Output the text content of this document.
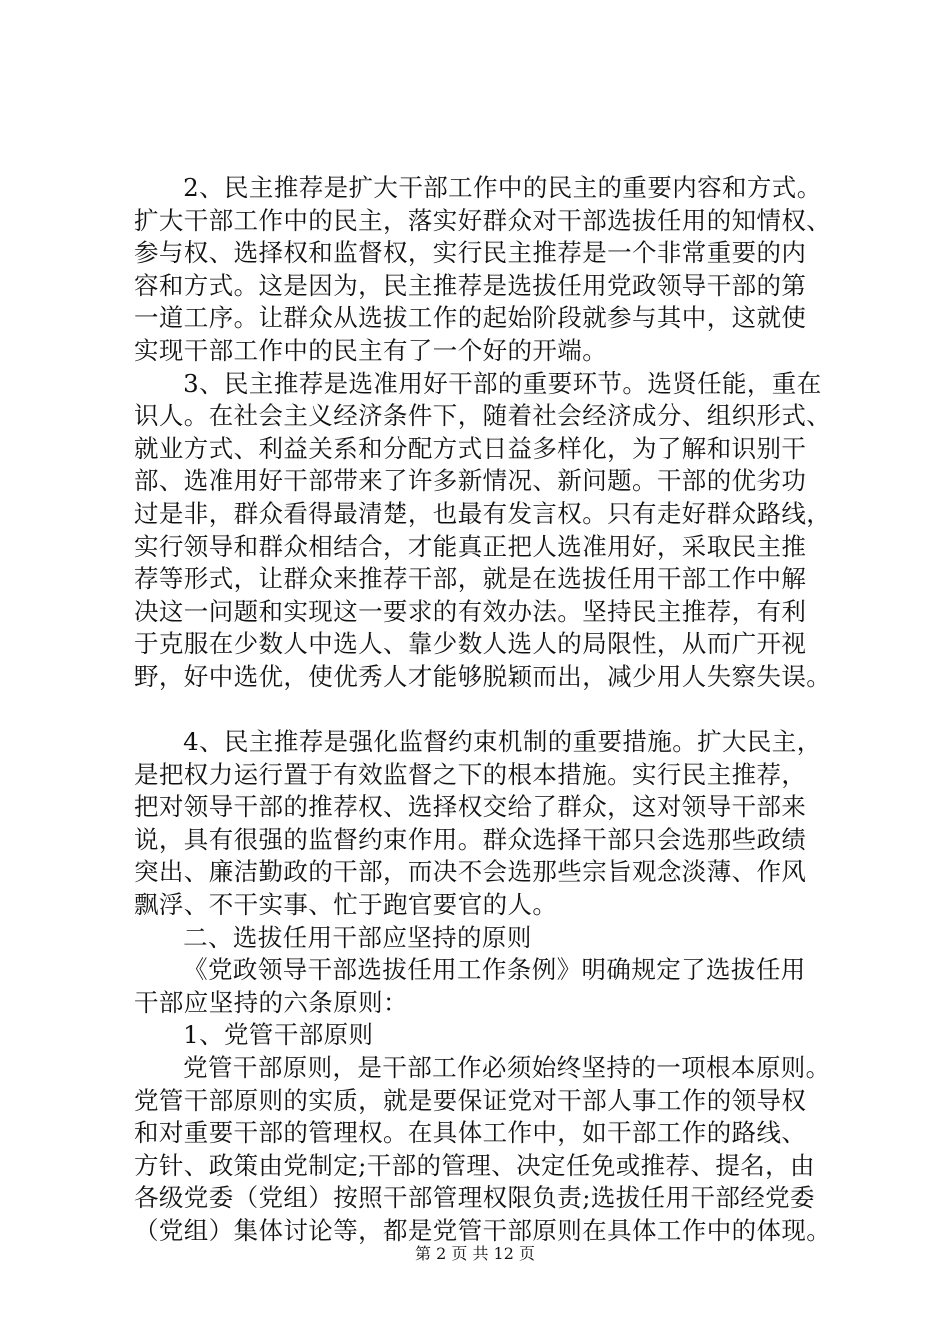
2、民主推荐是扩大干部工作中的民主的重要内容和方式。
扩大干部工作中的民主，落实好群众对干部选拔任用的知情权、
参与权、选择权和监督权，实行民主推荐是一个非常重要的内
容和方式。这是因为，民主推荐是选拔任用党政领导干部的第
一道工序。让群众从选拔工作的起始阶段就参与其中，这就使
实现干部工作中的民主有了一个好的开端。
3、民主推荐是选准用好干部的重要环节。选贤任能，重在
识人。在社会主义经济条件下，随着社会经济成分、组织形式、
就业方式、利益关系和分配方式日益多样化，为了解和识别干
部、选准用好干部带来了许多新情况、新问题。干部的优劣功
过是非，群众看得最清楚，也最有发言权。只有走好群众路线，
实行领导和群众相结合，才能真正把人选准用好，采取民主推
荐等形式，让群众来推荐干部，就是在选拔任用干部工作中解
决这一问题和实现这一要求的有效办法。坚持民主推荐，有利
于克服在少数人中选人、靠少数人选人的局限性，从而广开视
野，好中选优，使优秀人才能够脱颖而出，减少用人失察失误。
4、民主推荐是强化监督约束机制的重要措施。扩大民主，
是把权力运行置于有效监督之下的根本措施。实行民主推荐，
把对领导干部的推荐权、选择权交给了群众，这对领导干部来
说，具有很强的监督约束作用。群众选择干部只会选那些政绩
突出、廉洁勤政的干部，而决不会选那些宗旨观念淡薄、作风
飘浮、不干实事、忙于跑官要官的人。
二、选拔任用干部应坚持的原则
《党政领导干部选拔任用工作条例》明确规定了选拔任用
干部应坚持的六条原则：
1、党管干部原则
党管干部原则，是干部工作必须始终坚持的一项根本原则。
党管干部原则的实质，就是要保证党对干部人事工作的领导权
和对重要干部的管理权。在具体工作中，如干部工作的路线、
方针、政策由党制定;干部的管理、决定任免或推荐、提名，由
各级党委（党组）按照干部管理权限负责;选拔任用干部经党委
（党组）集体讨论等，都是党管干部原则在具体工作中的体现。
第 2 页 共 12 页
